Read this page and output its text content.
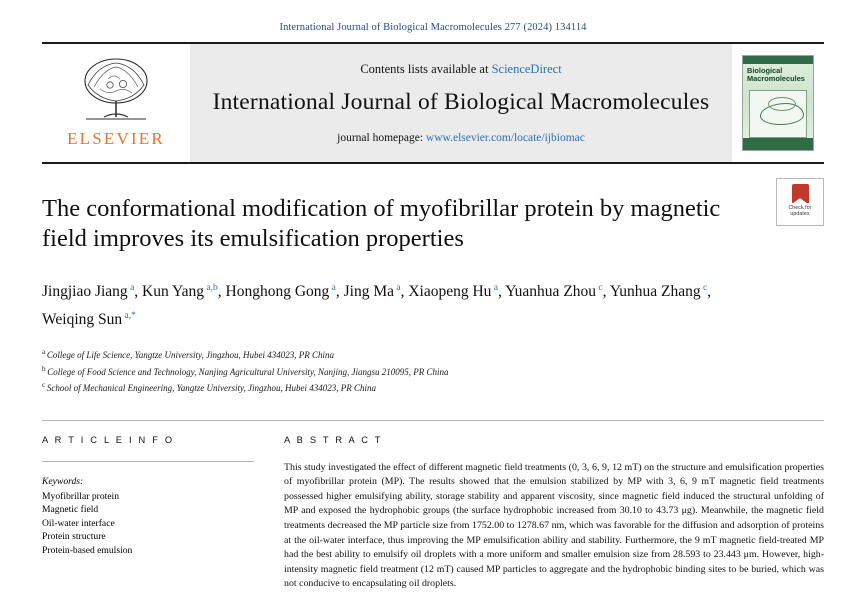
International Journal of Biological Macromolecules 277 (2024) 134114
ELSEVIER
Contents lists available at ScienceDirect
International Journal of Biological Macromolecules
journal homepage: www.elsevier.com/locate/ijbiomac
Biological Macromolecules
Check for
updates
The conformational modification of myofibrillar protein by magnetic field improves its emulsification properties
Jingjiao Jiang $^a$, Kun Yang $^{a,b}$, Honghong Gong $^a$, Jing Ma $^a$, Xiaopeng Hu $^a$, Yuanhua Zhou $^c$, Yunhua Zhang $^c$, Weiqing Sun $^{a,*}$
$^a$ College of Life Science, Yangtze University, Jingzhou, Hubei 434023, PR China
$^b$ College of Food Science and Technology, Nanjing Agricultural University, Nanjing, Jiangsu 210095, PR China
$^c$ School of Mechanical Engineering, Yangtze University, Jingzhou, Hubei 434023, PR China
A R T I C L E I N F O
Keywords:
Myofibrillar protein
Magnetic field
Oil-water interface
Protein structure
Protein-based emulsion
A B S T R A C T
This study investigated the effect of different magnetic field treatments (0, 3, 6, 9, 12 mT) on the structure and emulsification properties of myofibrillar protein (MP). The results showed that the emulsion stabilized by MP with 3, 6, 9 mT magnetic field treatments possessed higher emulsifying ability, storage stability and apparent viscosity, since magnetic field induced the structural unfolding of MP and exposed the hydrophobic groups (the surface hydrophobic increased from 30.10 to 43.73 μg). Meanwhile, the magnetic field treatments decreased the MP particle size from 1752.00 to 1278.67 nm, which was favorable for the diffusion and adsorption of proteins at the oil-water interface, thus improving the MP emulsification ability and stability. Furthermore, the 9 mT magnetic field-treated MP had the best ability to emulsify oil droplets with a more uniform and smaller emulsion size from 28.593 to 23.443 μm. However, high-intensity magnetic field treatment (12 mT) caused MP particles to aggregate and the hydrophobic binding sites to be buried, which was not conducive to encapsulating oil droplets.
